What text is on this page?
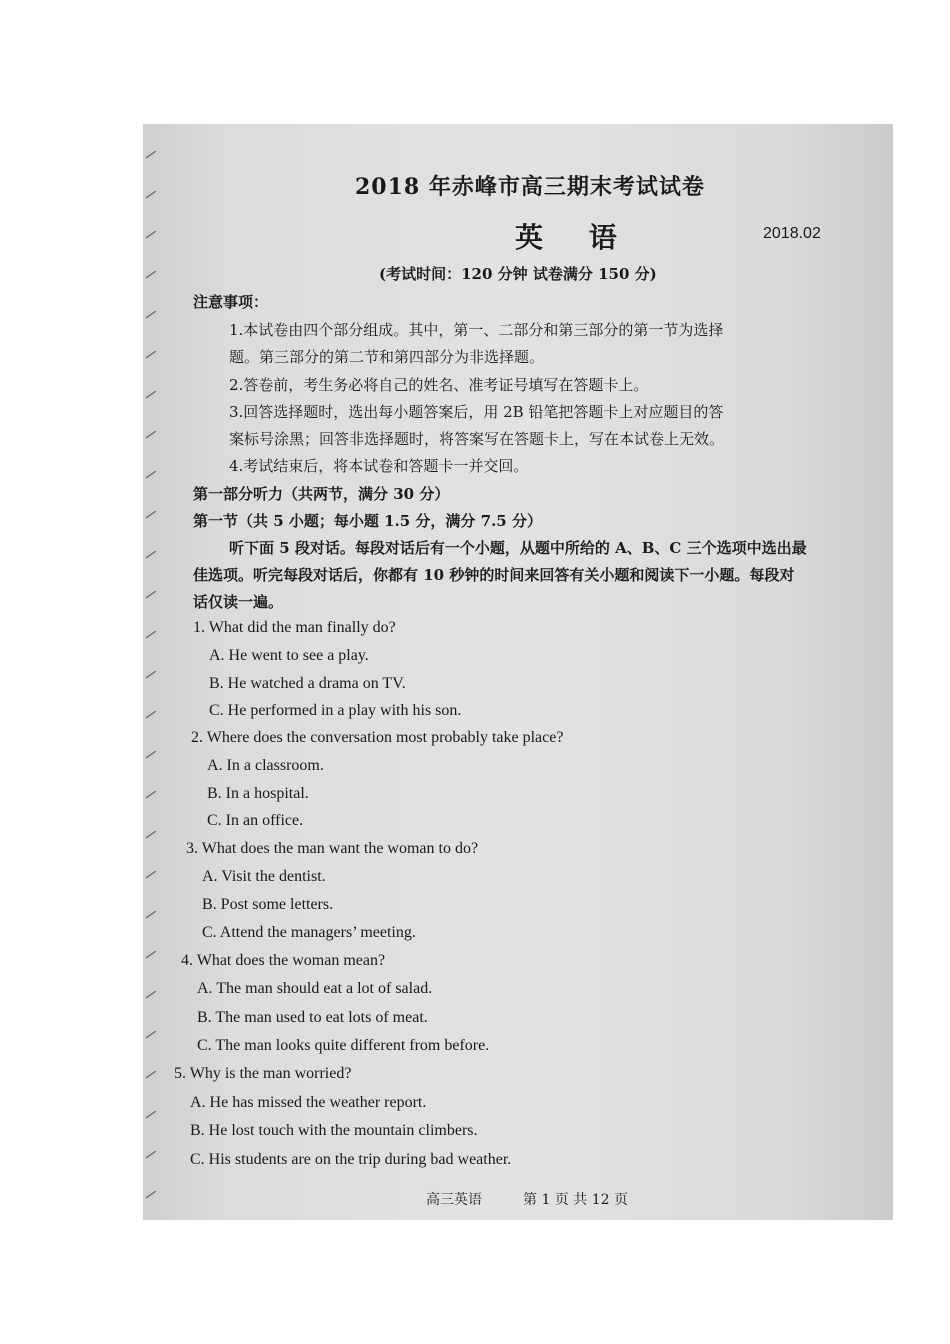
2018 年赤峰市高三期末考试试卷
英 语	2018.02
(考试时间：120 分钟 试卷满分 150 分)
注意事项：
1.本试卷由四个部分组成。其中，第一、二部分和第三部分的第一节为选择
题。第三部分的第二节和第四部分为非选择题。
2.答卷前，考生务必将自己的姓名、准考证号填写在答题卡上。
3.回答选择题时，选出每小题答案后，用 2B 铅笔把答题卡上对应题目的答
案标号涂黑；回答非选择题时，将答案写在答题卡上，写在本试卷上无效。
4.考试结束后，将本试卷和答题卡一并交回。
第一部分听力（共两节，满分 30 分）
第一节（共 5 小题；每小题 1.5 分，满分 7.5 分）
听下面 5 段对话。每段对话后有一个小题，从题中所给的 A、B、C 三个选项中选出最
佳选项。听完每段对话后，你都有 10 秒钟的时间来回答有关小题和阅读下一小题。每段对
话仅读一遍。
1. What did the man finally do?
A. He went to see a play.
B. He watched a drama on TV.
C. He performed in a play with his son.
2. Where does the conversation most probably take place?
A. In a classroom.
B. In a hospital.
C. In an office.
3. What does the man want the woman to do?
A. Visit the dentist.
B. Post some letters.
C. Attend the managers’ meeting.
4. What does the woman mean?
A. The man should eat a lot of salad.
B. The man used to eat lots of meat.
C. The man looks quite different from before.
5. Why is the man worried?
A. He has missed the weather report.
B. He lost touch with the mountain climbers.
C. His students are on the trip during bad weather.
高三英语	第 1 页 共 12 页
